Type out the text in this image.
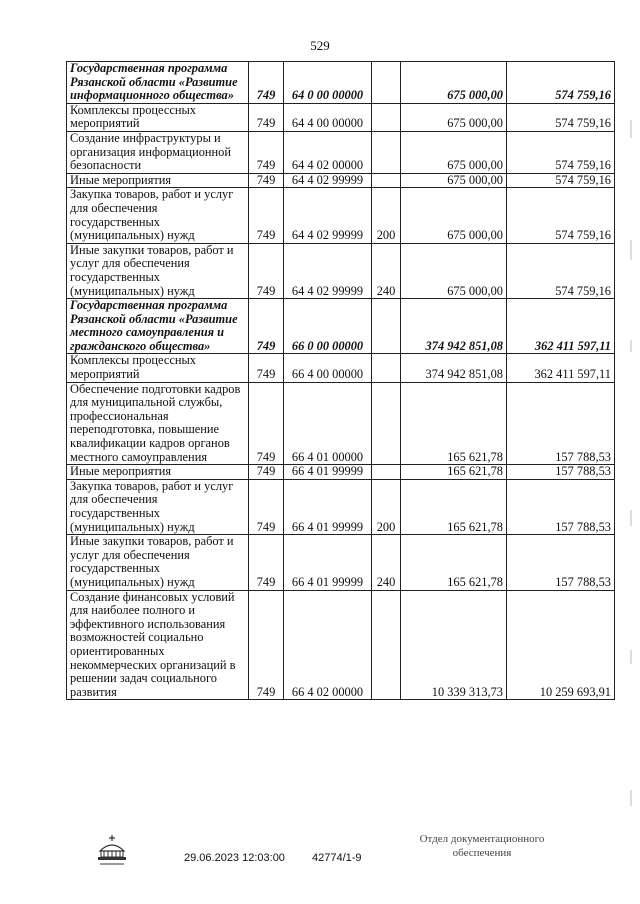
529
Государственная программа Рязанской области «Развитие информационного общества»	749	64 0 00 00000		675 000,00	574 759,16
Комплексы процессных мероприятий	749	64 4 00 00000		675 000,00	574 759,16
Создание инфраструктуры и организация информационной безопасности	749	64 4 02 00000		675 000,00	574 759,16
Иные мероприятия	749	64 4 02 99999		675 000,00	574 759,16
Закупка товаров, работ и услуг для обеспечения государственных (муниципальных) нужд	749	64 4 02 99999	200	675 000,00	574 759,16
Иные закупки товаров, работ и услуг для обеспечения государственных (муниципальных) нужд	749	64 4 02 99999	240	675 000,00	574 759,16
Государственная программа Рязанской области «Развитие местного самоуправления и гражданского общества»	749	66 0 00 00000		374 942 851,08	362 411 597,11
Комплексы процессных мероприятий	749	66 4 00 00000		374 942 851,08	362 411 597,11
Обеспечение подготовки кадров для муниципальной службы, профессиональная переподготовка, повышение квалификации кадров органов местного самоуправления	749	66 4 01 00000		165 621,78	157 788,53
Иные мероприятия	749	66 4 01 99999		165 621,78	157 788,53
Закупка товаров, работ и услуг для обеспечения государственных (муниципальных) нужд	749	66 4 01 99999	200	165 621,78	157 788,53
Иные закупки товаров, работ и услуг для обеспечения государственных (муниципальных) нужд	749	66 4 01 99999	240	165 621,78	157 788,53
Создание финансовых условий для наиболее полного и эффективного использования возможностей социально ориентированных некоммерческих организаций в решении задач социального развития	749	66 4 02 00000		10 339 313,73	10 259 693,91
29.06.2023 12:03:00 42774/1-9
Отдел документационного обеспечения
